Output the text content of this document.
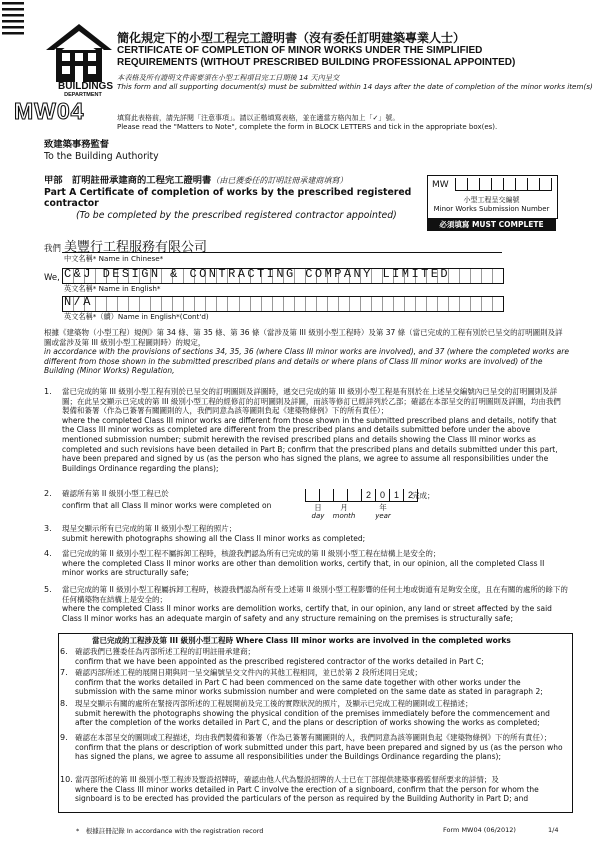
BUILDINGS
DEPARTMENT
MW04
簡化規定下的小型工程完工證明書（沒有委任訂明建築專業人士）
CERTIFICATE OF COMPLETION OF MINOR WORKS UNDER THE SIMPLIFIED
REQUIREMENTS (WITHOUT PRESCRIBED BUILDING PROFESSIONAL APPOINTED)
本表格及所有證明文件需要須在小型工程項目完工日期後 14 天內呈交
This form and all supporting document(s) must be submitted within 14 days after the date of completion of the minor works item(s)
填寫此表格前，請先詳閱「注意事項」。請以正楷填寫表格，並在適當方格內加上「✓」號。
Please read the "Matters to Note", complete the form in BLOCK LETTERS and tick in the appropriate box(es).
致建築事務監督
To the Building Authority
甲部　訂明註冊承建商的工程完工證明書（由已獲委任的訂明註冊承建商填寫）
Part A Certificate of completion of works by the prescribed registered contractor
(To be completed by the prescribed registered contractor appointed)
MW
小型工程呈交編號
Minor Works Submission Number
必須填寫 MUST COMPLETE
我們 美豐行工程服務有限公司
中文名稱* Name in Chinese*
We, C&J DESIGN & CONTRACTING COMPANY LIMITED
英文名稱* Name in English*
N/A
英文名稱*（續）Name in English*(Cont'd)
根據《建築物（小型工程）規例》第 34 條、第 35 條、第 36 條（當涉及第 III 級別小型工程時）及第 37 條（當已完成的工程有別於已呈交的訂明圖則及詳圖或當涉及第 III 級別小型工程圖則時）的規定，
in accordance with the provisions of sections 34, 35, 36 (where Class III minor works are involved), and 37 (where the completed works are different from those shown in the submitted prescribed plans and details or where plans of Class III minor works are involved) of the Building (Minor Works) Regulation,
1. 當已完成的第 III 級別小型工程有別於已呈交的訂明圖則及詳圖時，遞交已完成的第 III 級別小型工程是有別於在上述呈交編號內已呈交的訂明圖則及詳圖；在此呈交顯示已完成的第 III 級別小型工程的經修訂的訂明圖則及詳圖，而該等修訂已經詳列於乙部；確認在本部呈交的訂明圖則及詳圖，均由我們製備和簽署（作為已簽署有關圖則的人，我們同意為該等圖則負起《建築物條例》下的所有責任）；
where the completed Class III minor works are different from those shown in the submitted prescribed plans and details, notify that the Class III minor works as completed are different from the prescribed plans and details submitted before under the above mentioned submission number; submit herewith the revised prescribed plans and details showing the Class III minor works as completed and such revisions have been detailed in Part B; confirm that the prescribed plans and details submitted under this part, have been prepared and signed by us (as the person who has signed the plans, we agree to assume all responsibilities under the Buildings Ordinance regarding the plans);
2. 確認所有第 II 級別小型工程已於
confirm that all Class II minor works were completed on
2 0 1 2 完成；
日	月	年
day	month	year
3. 現呈交顯示所有已完成的第 II 級別小型工程的照片；
submit herewith photographs showing all the Class II minor works as completed;
4. 當已完成的第 II 級別小型工程不屬拆卸工程時，核證我們認為所有已完成的第 II 級別小型工程在結構上是安全的；
where the completed Class II minor works are other than demolition works, certify that, in our opinion, all the completed Class II minor works are structurally safe;
5. 當已完成的第 II 級別小型工程屬拆卸工程時，核證我們認為所有受上述第 II 級別小型工程影響的任何土地或街道有足夠安全度，且在有關的處所的餘下的任何構築物在結構上是安全的；
where the completed Class II minor works are demolition works, certify that, in our opinion, any land or street affected by the said Class II minor works has an adequate margin of safety and any structure remaining on the premises is structurally safe;
當已完成的工程涉及第 III 級別小型工程時 Where Class III minor works are involved in the completed works
6. 確認我們已獲委任為丙部所述工程的訂明註冊承建商；
confirm that we have been appointed as the prescribed registered contractor of the works detailed in Part C;
7. 確認丙部所述工程的展開日期與同一呈交編號呈交文件內的其他工程相同，並已於第 2 段所述同日完成；
confirm that the works detailed in Part C had been commenced on the same date together with other works under the submission with the same minor works submission number and were completed on the same date as stated in paragraph 2;
8. 現呈交顯示有關的處所在緊接丙部所述的工程展開前及完工後的實際狀況的照片，及顯示已完成工程的圖則或工程描述；
submit herewith the photographs showing the physical condition of the premises immediately before the commencement and after the completion of the works detailed in Part C, and the plans or description of works showing the works as completed;
9. 確認在本部呈交的圖則或工程描述，均由我們製備和簽署（作為已簽署有關圖則的人，我們同意為該等圖則負起《建築物條例》下的所有責任）；
confirm that the plans or description of work submitted under this part, have been prepared and signed by us (as the person who has signed the plans, we agree to assume all responsibilities under the Buildings Ordinance regarding the plans);
10. 當丙部所述的第 III 級別小型工程涉及豎設招牌時，確認由他人代為豎設招牌的人士已在丁部提供建築事務監督所要求的詳情；及
where the Class III minor works detailed in Part C involve the erection of a signboard, confirm that the person for whom the signboard is to be erected has provided the particulars of the person as required by the Building Authority in Part D; and
*　根據註冊記錄 In accordance with the registration record	Form MW04 (06/2012)	1/4
